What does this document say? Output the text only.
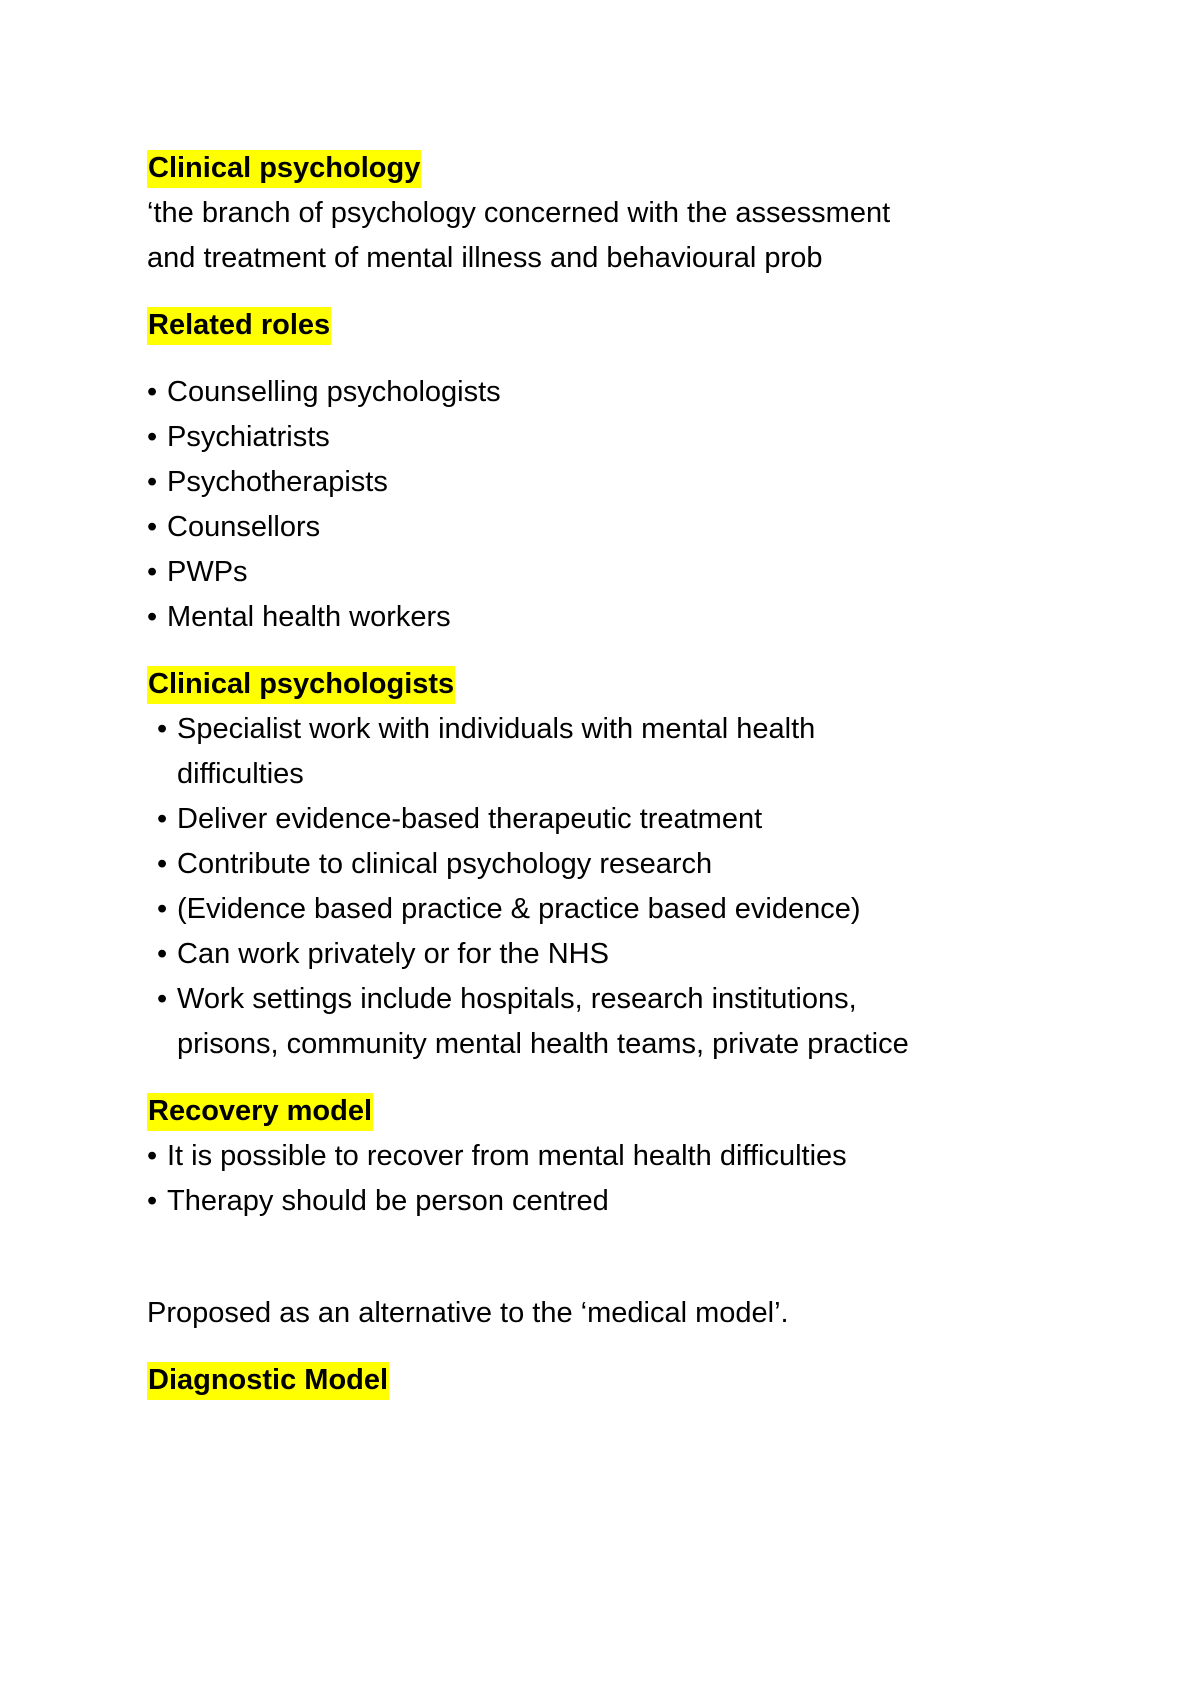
Clinical psychology
‘the branch of psychology concerned with the assessment
and treatment of mental illness and behavioural prob
Related roles
• Counselling psychologists
• Psychiatrists
• Psychotherapists
• Counsellors
• PWPs
• Mental health workers
Clinical psychologists
• Specialist work with individuals with mental health
difficulties
• Deliver evidence-based therapeutic treatment
• Contribute to clinical psychology research
• (Evidence based practice & practice based evidence)
• Can work privately or for the NHS
• Work settings include hospitals, research institutions,
prisons, community mental health teams, private practice
Recovery model
• It is possible to recover from mental health difficulties
• Therapy should be person centred
Proposed as an alternative to the ‘medical model’.
Diagnostic Model
